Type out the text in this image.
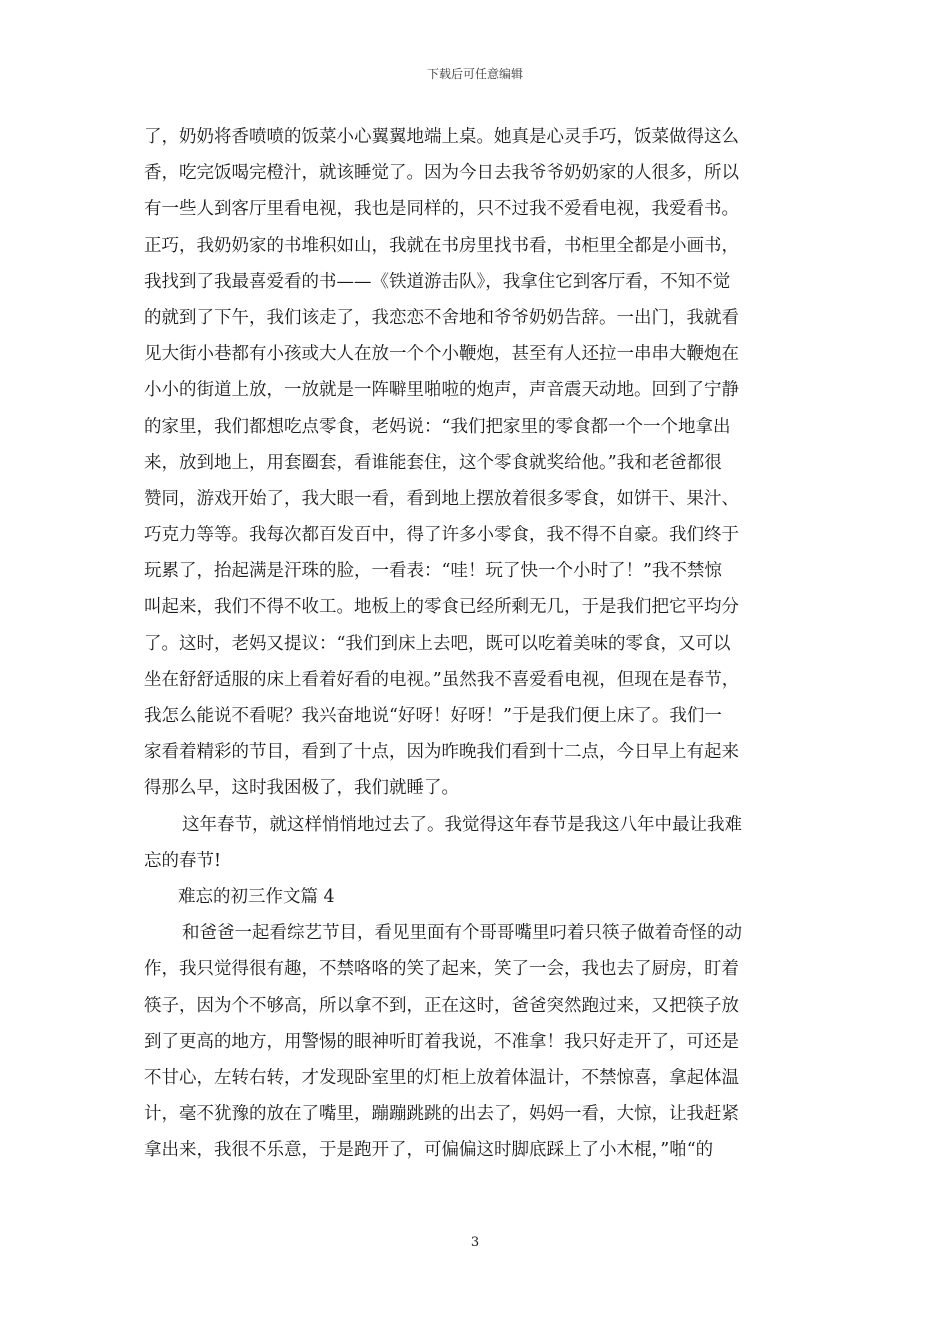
下载后可任意编辑
了，奶奶将香喷喷的饭菜小心翼翼地端上桌。她真是心灵手巧，饭菜做得这么
香，吃完饭喝完橙汁，就该睡觉了。因为今日去我爷爷奶奶家的人很多，所以
有一些人到客厅里看电视，我也是同样的，只不过我不爱看电视，我爱看书。
正巧，我奶奶家的书堆积如山，我就在书房里找书看，书柜里全都是小画书，
我找到了我最喜爱看的书——《铁道游击队》，我拿住它到客厅看，不知不觉
的就到了下午，我们该走了，我恋恋不舍地和爷爷奶奶告辞。一出门，我就看
见大街小巷都有小孩或大人在放一个个小鞭炮，甚至有人还拉一串串大鞭炮在
小小的街道上放，一放就是一阵噼里啪啦的炮声，声音震天动地。回到了宁静
的家里，我们都想吃点零食，老妈说：“我们把家里的零食都一个一个地拿出
来，放到地上，用套圈套，看谁能套住，这个零食就奖给他。”我和老爸都很
赞同，游戏开始了，我大眼一看，看到地上摆放着很多零食，如饼干、果汁、
巧克力等等。我每次都百发百中，得了许多小零食，我不得不自豪。我们终于
玩累了，抬起满是汗珠的脸，一看表：“哇！玩了快一个小时了！”我不禁惊
叫起来，我们不得不收工。地板上的零食已经所剩无几，于是我们把它平均分
了。这时，老妈又提议：“我们到床上去吧，既可以吃着美味的零食，又可以
坐在舒舒适服的床上看着好看的电视。”虽然我不喜爱看电视，但现在是春节，
我怎么能说不看呢？我兴奋地说“好呀！好呀！”于是我们便上床了。我们一
家看着精彩的节目，看到了十点，因为昨晚我们看到十二点，今日早上有起来
得那么早，这时我困极了，我们就睡了。
这年春节，就这样悄悄地过去了。我觉得这年春节是我这八年中最让我难
忘的春节!
难忘的初三作文篇 4
和爸爸一起看综艺节目，看见里面有个哥哥嘴里叼着只筷子做着奇怪的动
作，我只觉得很有趣，不禁咯咯的笑了起来，笑了一会，我也去了厨房，盯着
筷子，因为个不够高，所以拿不到，正在这时，爸爸突然跑过来，又把筷子放
到了更高的地方，用警惕的眼神听盯着我说，不准拿！我只好走开了，可还是
不甘心，左转右转，才发现卧室里的灯柜上放着体温计，不禁惊喜，拿起体温
计，毫不犹豫的放在了嘴里，蹦蹦跳跳的出去了，妈妈一看，大惊，让我赶紧
拿出来，我很不乐意，于是跑开了，可偏偏这时脚底踩上了小木棍，”啪“的
3
